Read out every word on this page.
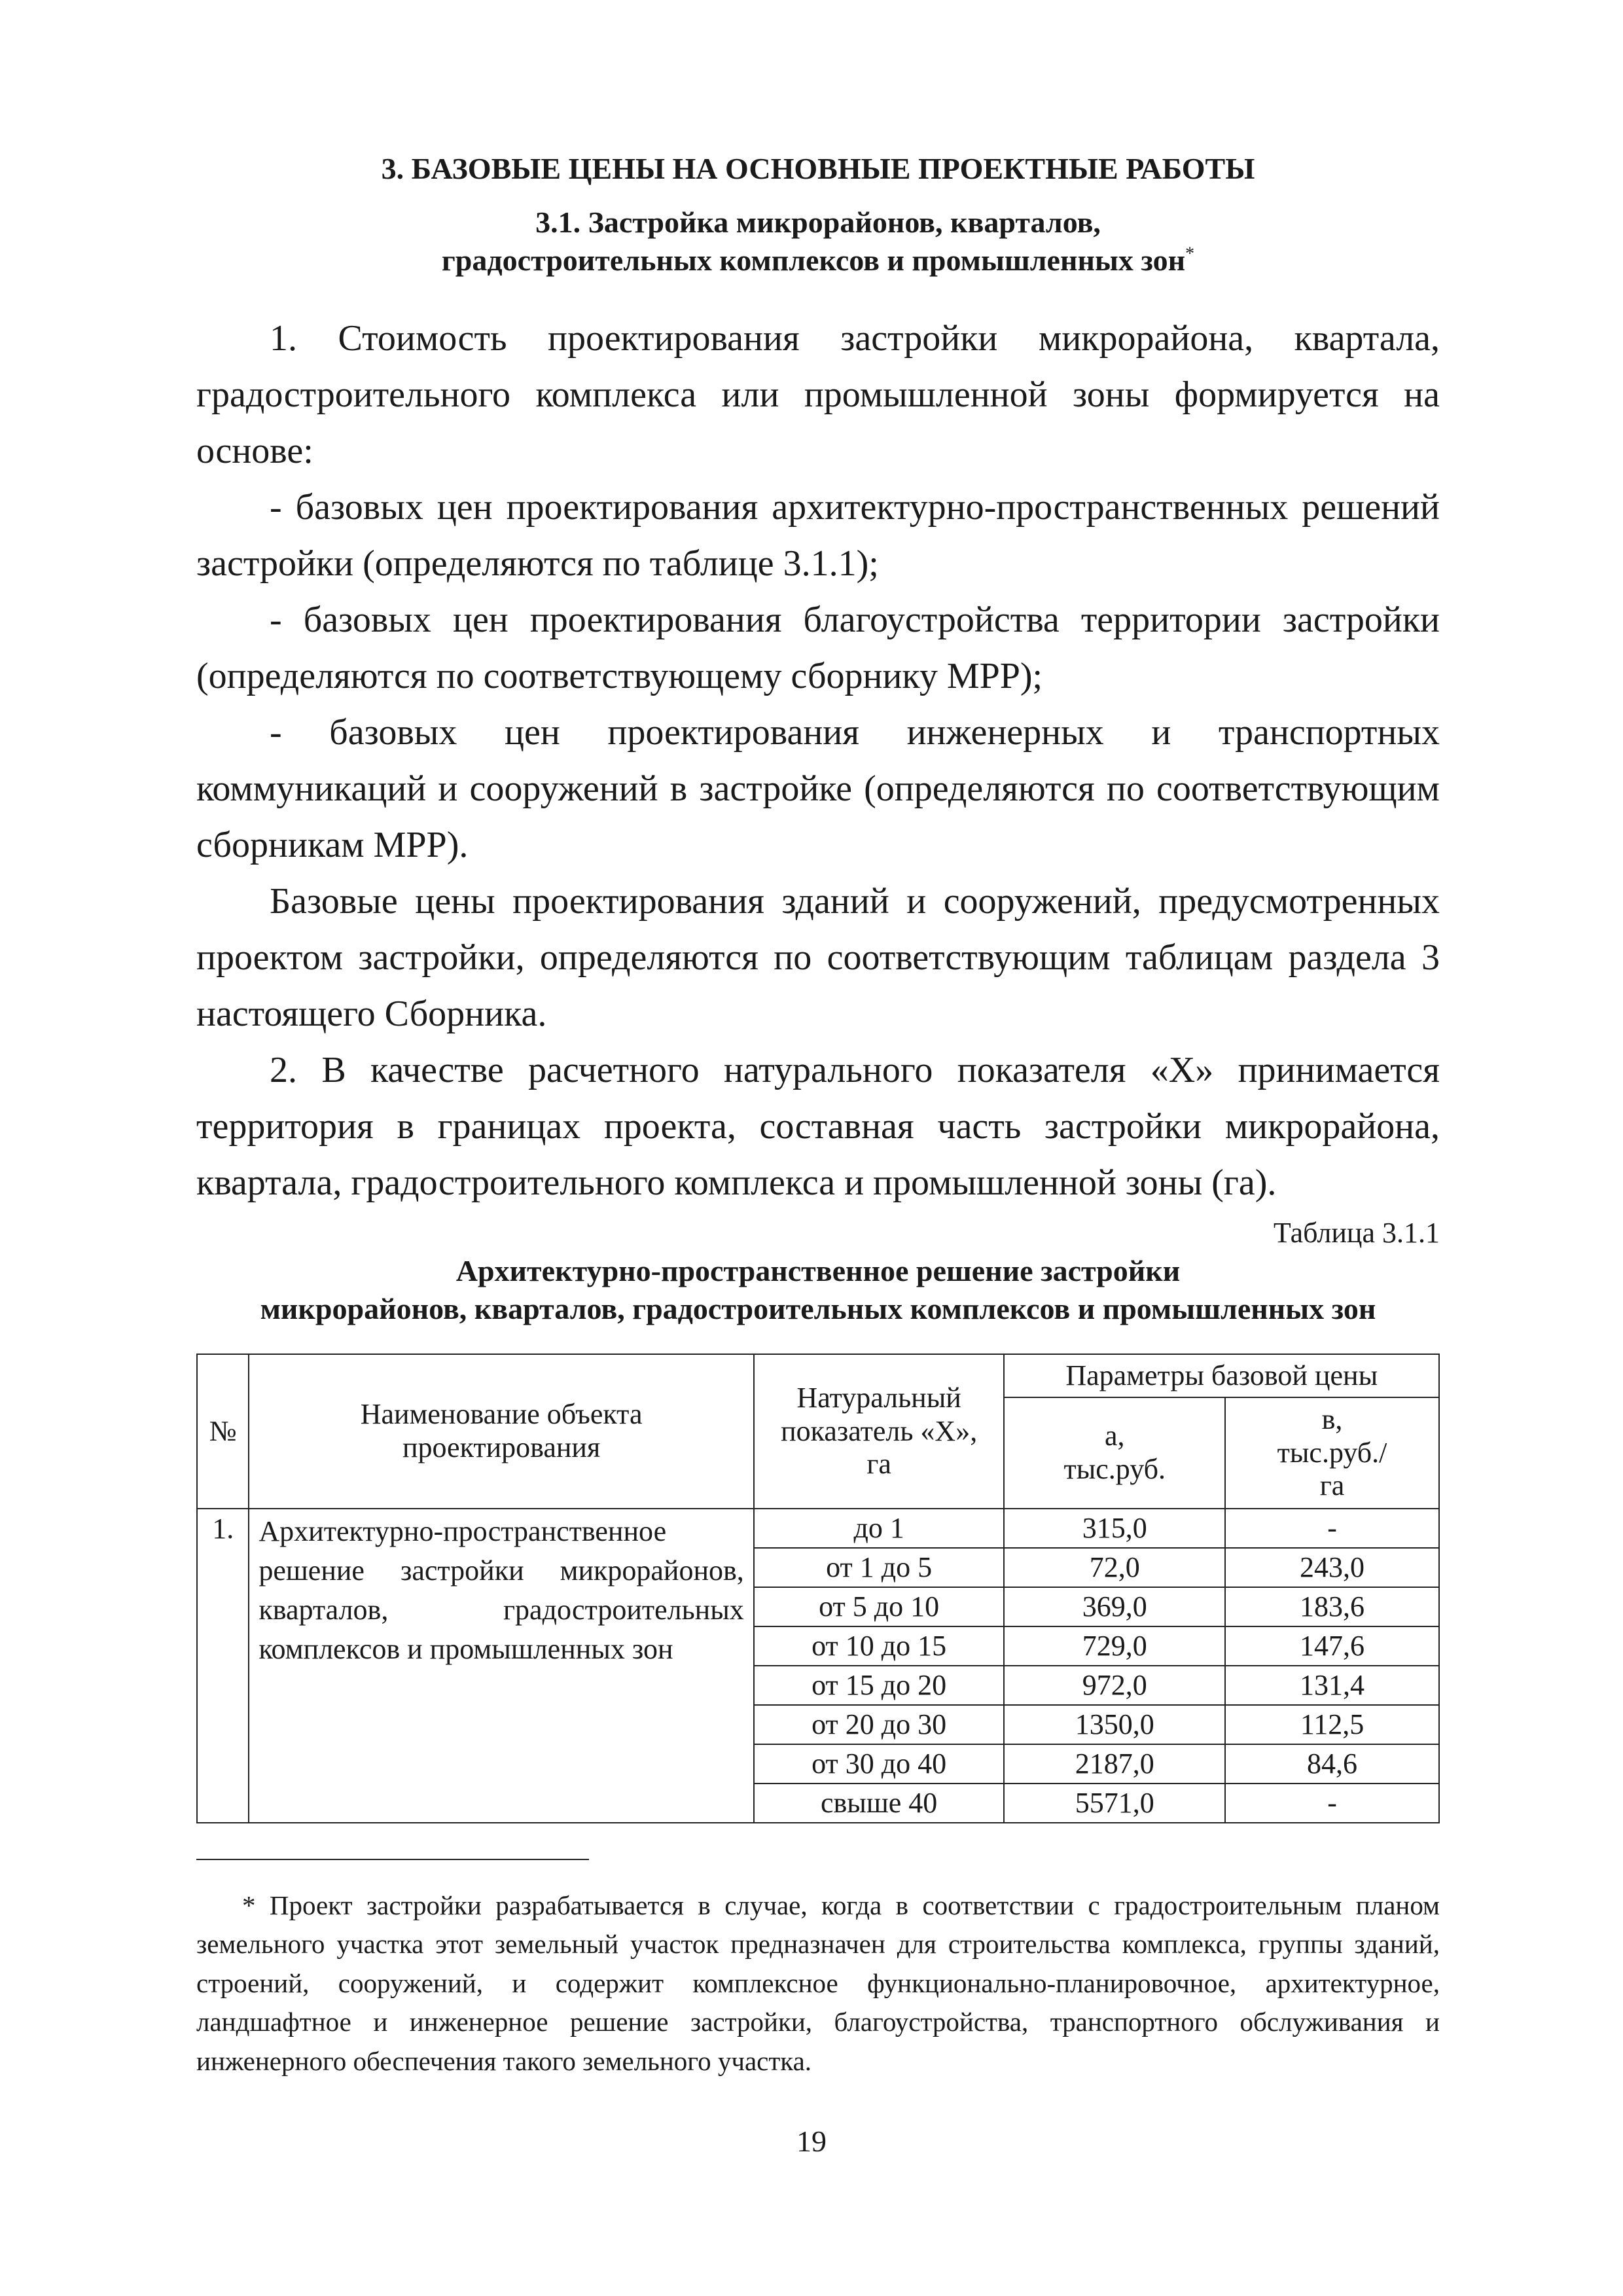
3. БАЗОВЫЕ ЦЕНЫ НА ОСНОВНЫЕ ПРОЕКТНЫЕ РАБОТЫ
3.1. Застройка микрорайонов, кварталов,
градостроительных комплексов и промышленных зон*

1. Стоимость проектирования застройки микрорайона, квартала, градостроительного комплекса или промышленной зоны формируется на основе:

- базовых цен проектирования архитектурно-пространственных решений застройки (определяются по таблице 3.1.1);

- базовых цен проектирования благоустройства территории застройки (определяются по соответствующему сборнику МРР);

- базовых цен проектирования инженерных и транспортных коммуникаций и сооружений в застройке (определяются по соответствующим сборникам МРР).

Базовые цены проектирования зданий и сооружений, предусмотренных проектом застройки, определяются по соответствующим таблицам раздела 3 настоящего Сборника.

2. В качестве расчетного натурального показателя «Х» принимается территория в границах проекта, составная часть застройки микрорайона, квартала, градостроительного комплекса и промышленной зоны (га).

Таблица 3.1.1
Архитектурно-пространственное решение застройки
микрорайонов, кварталов, градостроительных комплексов и промышленных зон
№	Наименование объекта проектирования	Натуральный показатель «Х», га	Параметры базовой цены	
			а, тыс.руб.	в, тыс.руб./га
1.	Архитектурно-пространственное решение застройки микрорайонов, кварталов, градостроительных комплексов и промышленных зон	до 1	315,0	-
		от 1 до 5	72,0	243,0
		от 5 до 10	369,0	183,6
		от 10 до 15	729,0	147,6
		от 15 до 20	972,0	131,4
		от 20 до 30	1350,0	112,5
		от 30 до 40	2187,0	84,6
		свыше 40	5571,0	-

* Проект застройки разрабатывается в случае, когда в соответствии с градостроительным планом земельного участка этот земельный участок предназначен для строительства комплекса, группы зданий, строений, сооружений, и содержит комплексное функционально-планировочное, архитектурное, ландшафтное и инженерное решение застройки, благоустройства, транспортного обслуживания и инженерного обеспечения такого земельного участка.

19
